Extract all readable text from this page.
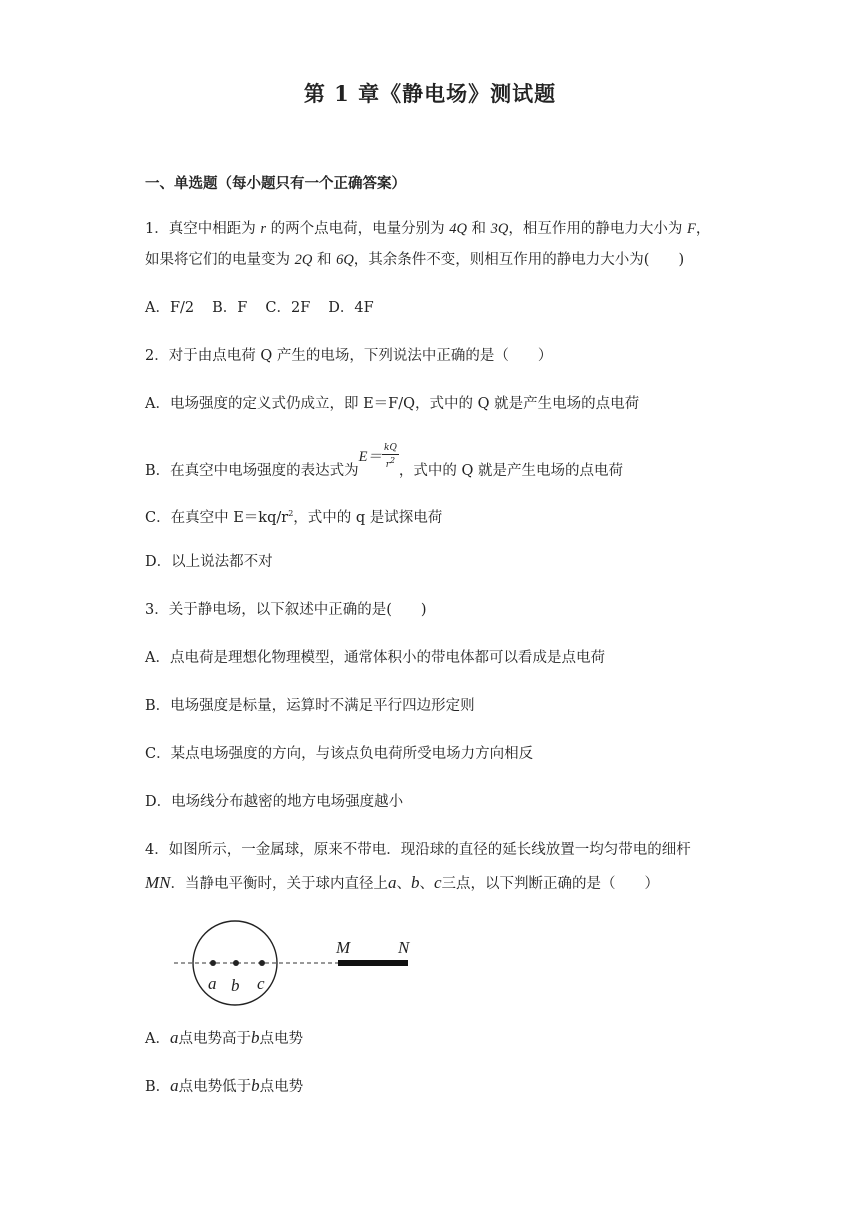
第 1 章《静电场》测试题
一、单选题（每小题只有一个正确答案）
1．真空中相距为 r 的两个点电荷，电量分别为 4Q 和 3Q，相互作用的静电力大小为 F，
如果将它们的电量变为 2Q 和 6Q，其余条件不变，则相互作用的静电力大小为(　　)
A．F/2 B．F C．2F D．4F
2．对于由点电荷 Q 产生的电场，下列说法中正确的是（　　）
A．电场强度的定义式仍成立，即 E＝F/Q，式中的 Q 就是产生电场的点电荷
B．在真空中电场强度的表达式为$E= \frac{kQ}{r2}$ ，式中的 Q 就是产生电场的点电荷
C．在真空中 $E=kq/r^2$，式中的 q 是试探电荷
D．以上说法都不对
3．关于静电场，以下叙述中正确的是(　　)
A．点电荷是理想化物理模型，通常体积小的带电体都可以看成是点电荷
B．电场强度是标量，运算时不满足平行四边形定则
C．某点电场强度的方向，与该点负电荷所受电场力方向相反
D．电场线分布越密的地方电场强度越小
4．如图所示，一金属球，原来不带电．现沿球的直径的延长线放置一均匀带电的细杆
MN．当静电平衡时，关于球内直径上a、b、c三点，以下判断正确的是（　　）
a b c
M	N
A．a点电势高于b点电势
B．a点电势低于b点电势
